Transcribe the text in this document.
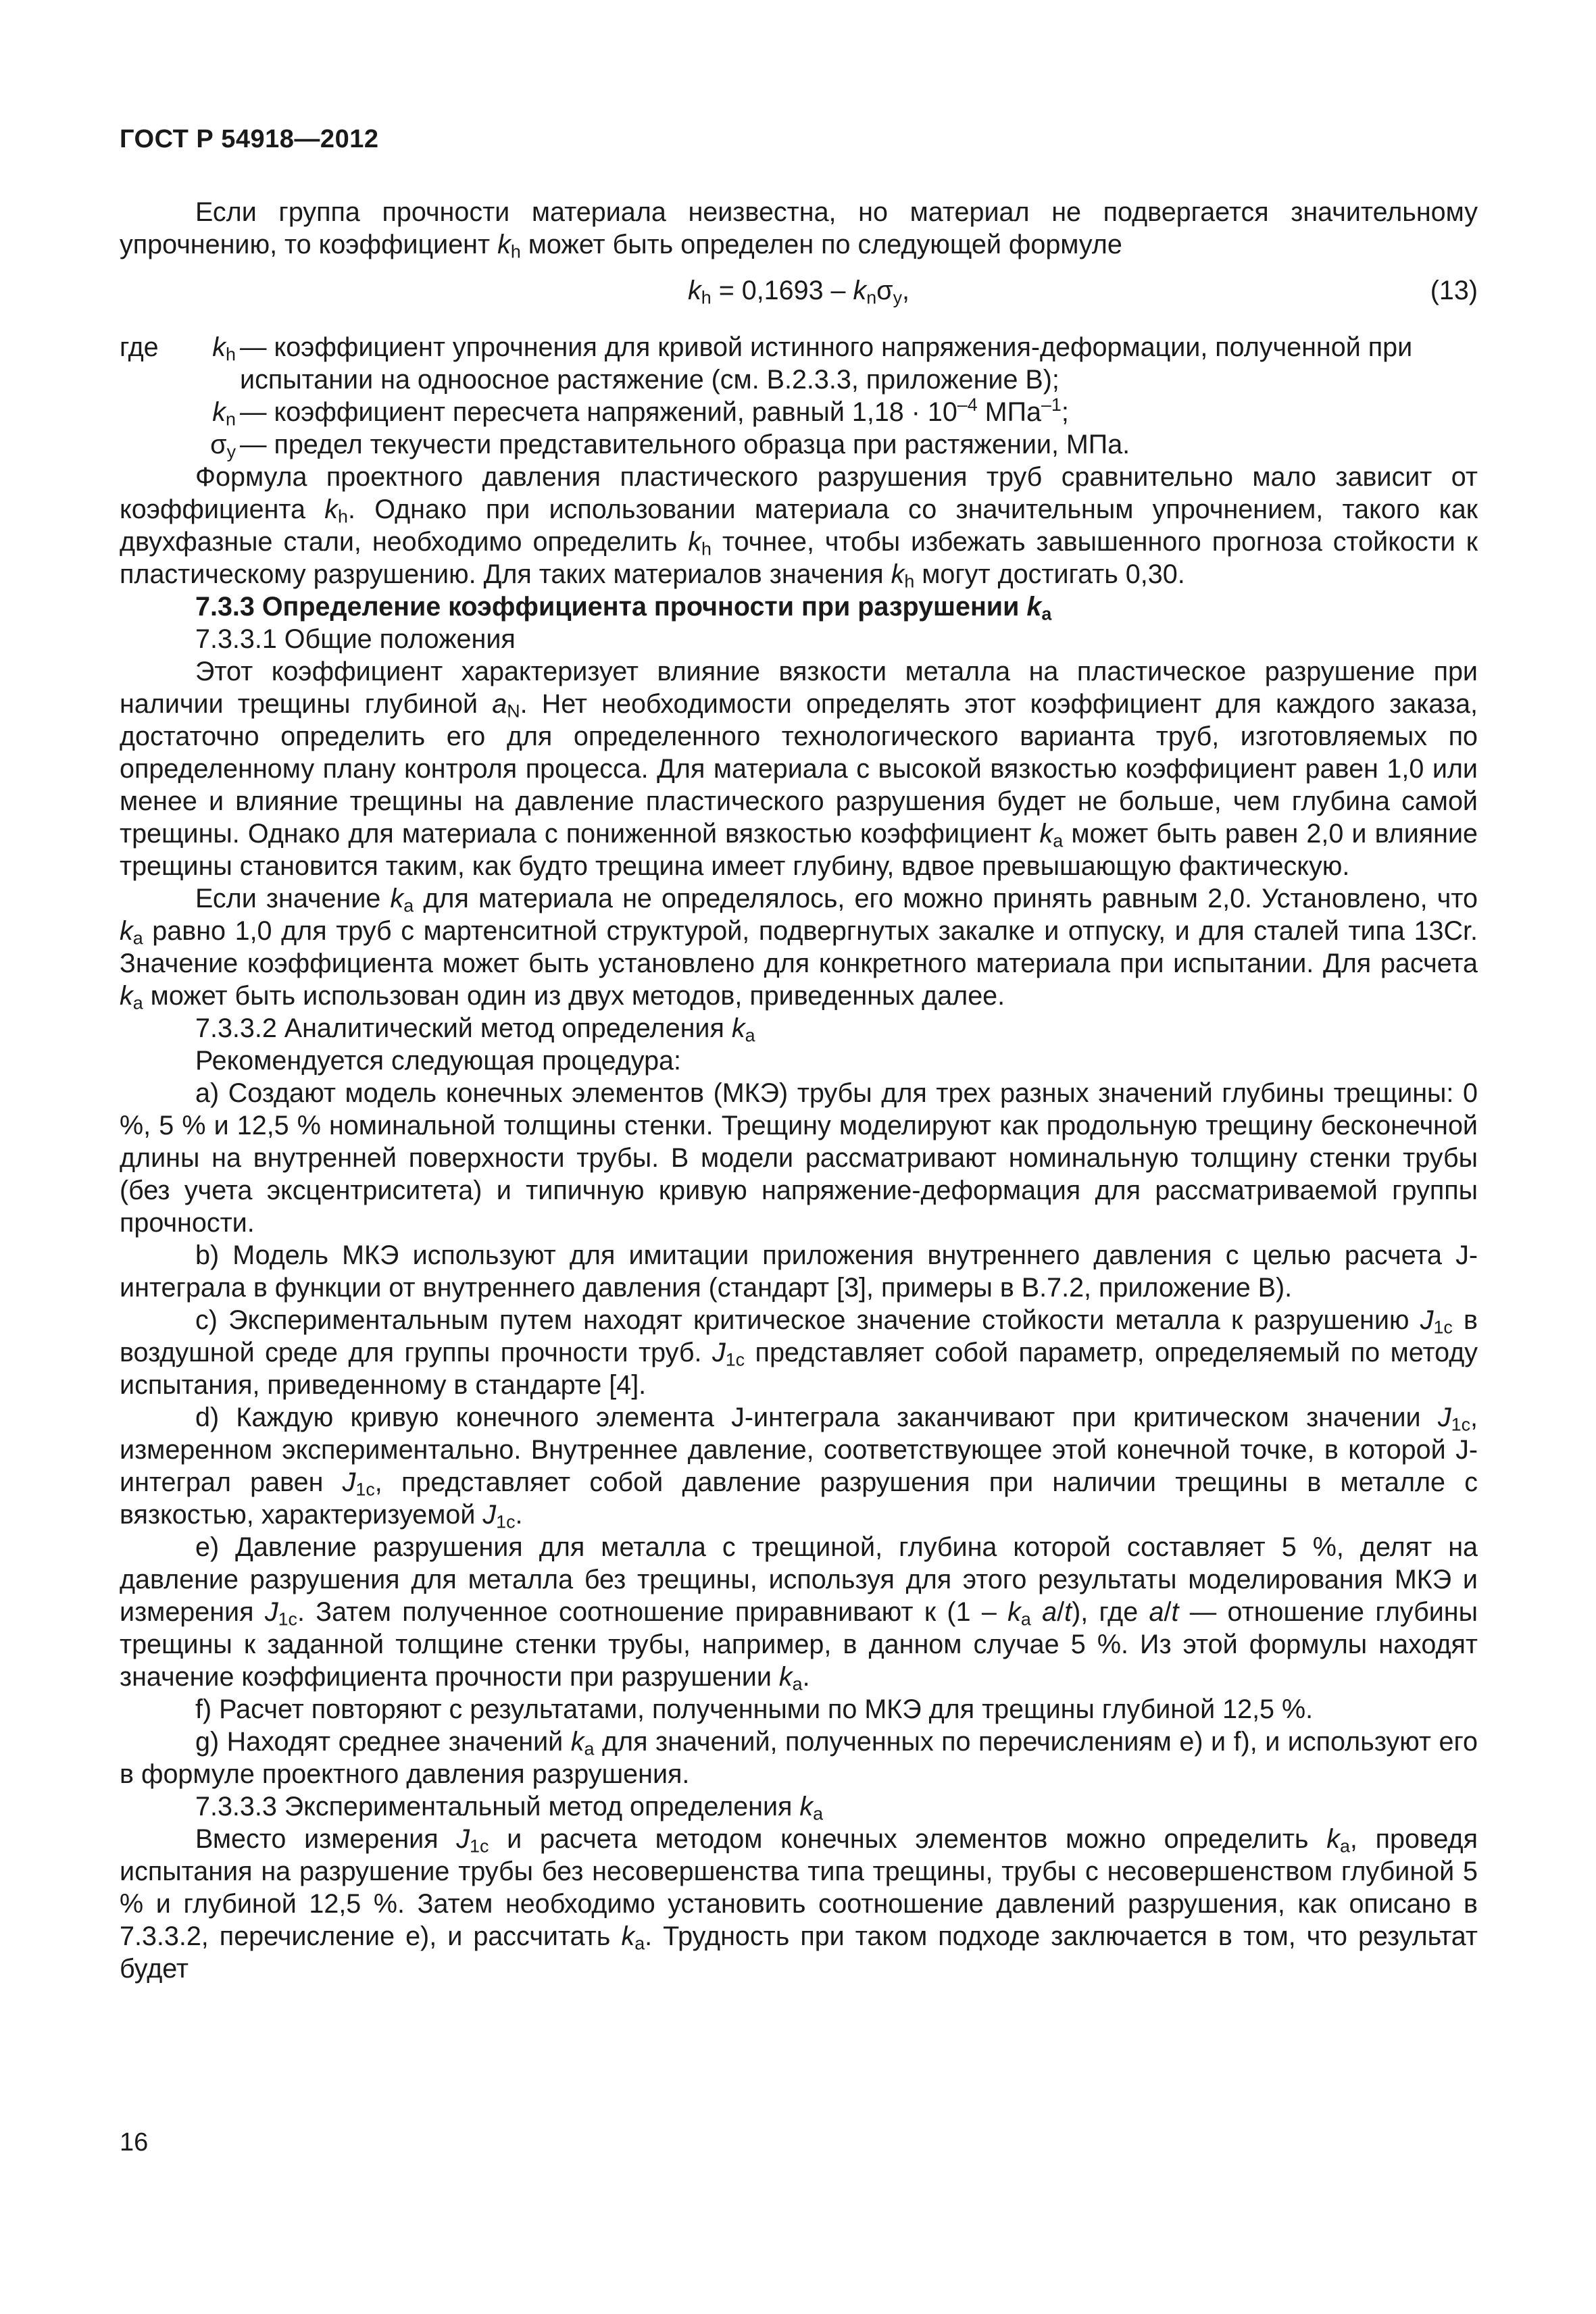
ГОСТ Р 54918—2012

Если группа прочности материала неизвестна, но материал не подвергается значительному упрочнению, то коэффициент $k_h$ может быть определен по следующей формуле

$k_h = 0,1693 - k_n\sigma_y$,	(13)

где $k_h$ — коэффициент упрочнения для кривой истинного напряжения-деформации, полученной при испытании на одноосное растяжение (см. В.2.3.3, приложение В);

$k_n$ — коэффициент пересчета напряжений, равный $1,18 \cdot 10^{-4}$ МПа$^{-1}$;

$\sigma_y$ — предел текучести представительного образца при растяжении, МПа.

Формула проектного давления пластического разрушения труб сравнительно мало зависит от коэффициента $k_h$. Однако при использовании материала со значительным упрочнением, такого как двухфазные стали, необходимо определить $k_h$ точнее, чтобы избежать завышенного прогноза стойкости к пластическому разрушению. Для таких материалов значения $k_h$ могут достигать 0,30.

7.3.3 Определение коэффициента прочности при разрушении $k_a$

7.3.3.1 Общие положения

Этот коэффициент характеризует влияние вязкости металла на пластическое разрушение при наличии трещины глубиной $a_N$. Нет необходимости определять этот коэффициент для каждого заказа, достаточно определить его для определенного технологического варианта труб, изготовляемых по определенному плану контроля процесса. Для материала с высокой вязкостью коэффициент равен 1,0 или менее и влияние трещины на давление пластического разрушения будет не больше, чем глубина самой трещины. Однако для материала с пониженной вязкостью коэффициент $k_a$ может быть равен 2,0 и влияние трещины становится таким, как будто трещина имеет глубину, вдвое превышающую фактическую.

Если значение $k_a$ для материала не определялось, его можно принять равным 2,0. Установлено, что $k_a$ равно 1,0 для труб с мартенситной структурой, подвергнутых закалке и отпуску, и для сталей типа 13Cr. Значение коэффициента может быть установлено для конкретного материала при испытании. Для расчета $k_a$ может быть использован один из двух методов, приведенных далее.

7.3.3.2 Аналитический метод определения $k_a$

Рекомендуется следующая процедура:

a) Создают модель конечных элементов (МКЭ) трубы для трех разных значений глубины трещины: 0 %, 5 % и 12,5 % номинальной толщины стенки. Трещину моделируют как продольную трещину бесконечной длины на внутренней поверхности трубы. В модели рассматривают номинальную толщину стенки трубы (без учета эксцентриситета) и типичную кривую напряжение-деформация для рассматриваемой группы прочности.

b) Модель МКЭ используют для имитации приложения внутреннего давления с целью расчета J-интеграла в функции от внутреннего давления (стандарт [3], примеры в В.7.2, приложение В).

c) Экспериментальным путем находят критическое значение стойкости металла к разрушению $J_{1c}$ в воздушной среде для группы прочности труб. $J_{1c}$ представляет собой параметр, определяемый по методу испытания, приведенному в стандарте [4].

d) Каждую кривую конечного элемента J-интеграла заканчивают при критическом значении $J_{1c}$, измеренном экспериментально. Внутреннее давление, соответствующее этой конечной точке, в которой J-интеграл равен $J_{1c}$, представляет собой давление разрушения при наличии трещины в металле с вязкостью, характеризуемой $J_{1c}$.

e) Давление разрушения для металла с трещиной, глубина которой составляет 5 %, делят на давление разрушения для металла без трещины, используя для этого результаты моделирования МКЭ и измерения $J_{1c}$. Затем полученное соотношение приравнивают к ($1 - k_a$ a/t), где a/t — отношение глубины трещины к заданной толщине стенки трубы, например, в данном случае 5 %. Из этой формулы находят значение коэффициента прочности при разрушении $k_a$.

f) Расчет повторяют с результатами, полученными по МКЭ для трещины глубиной 12,5 %.

g) Находят среднее значений $k_a$ для значений, полученных по перечислениям e) и f), и используют его в формуле проектного давления разрушения.

7.3.3.3 Экспериментальный метод определения $k_a$

Вместо измерения $J_{1c}$ и расчета методом конечных элементов можно определить $k_a$, проведя испытания на разрушение трубы без несовершенства типа трещины, трубы с несовершенством глубиной 5 % и глубиной 12,5 %. Затем необходимо установить соотношение давлений разрушения, как описано в 7.3.3.2, перечисление e), и рассчитать $k_a$. Трудность при таком подходе заключается в том, что результат будет

16
